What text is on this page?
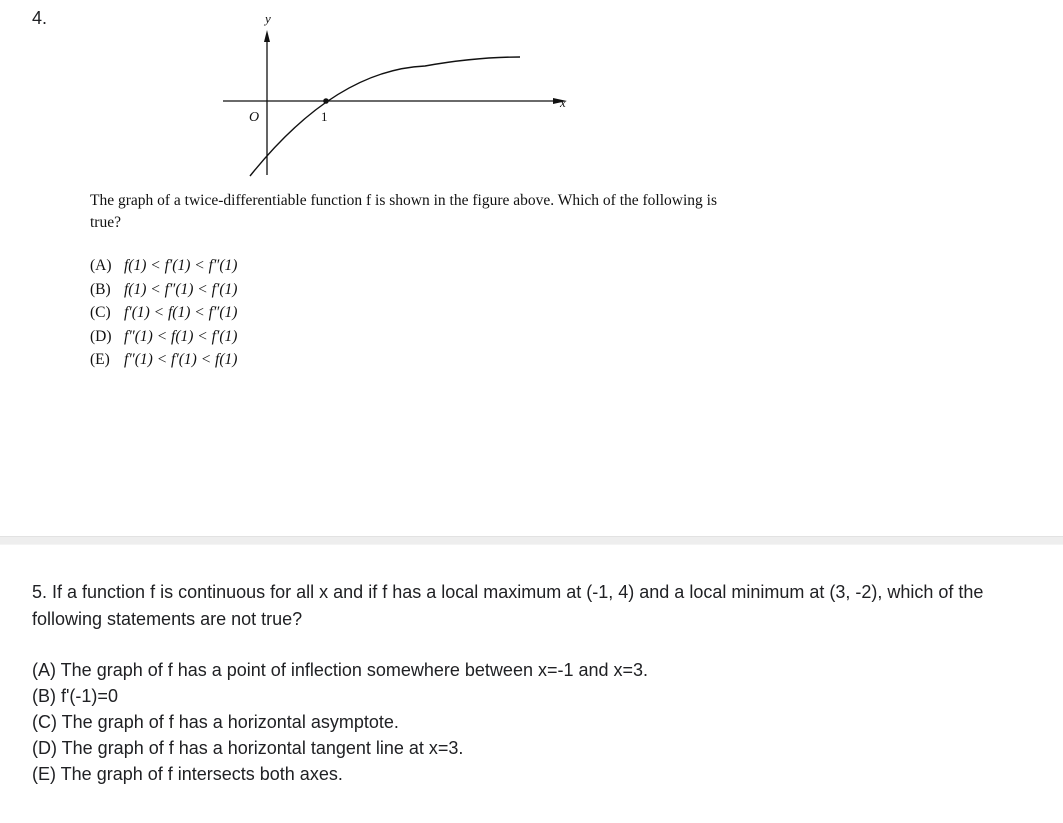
4.	y
x
O	1
The graph of a twice-differentiable function f is shown in the figure above. Which of the following is true?
(A) f(1) < f′(1) < f″(1)
(B) f(1) < f″(1) < f′(1)
(C) f′(1) < f(1) < f″(1)
(D) f″(1) < f(1) < f′(1)
(E) f″(1) < f′(1) < f(1)

5. If a function f is continuous for all x and if f has a local maximum at (-1, 4) and a local minimum at (3, -2), which of the following statements are not true?

(A) The graph of f has a point of inflection somewhere between x=-1 and x=3.

(B) f'(-1)=0

(C) The graph of f has a horizontal asymptote.

(D) The graph of f has a horizontal tangent line at x=3.

(E) The graph of f intersects both axes.
